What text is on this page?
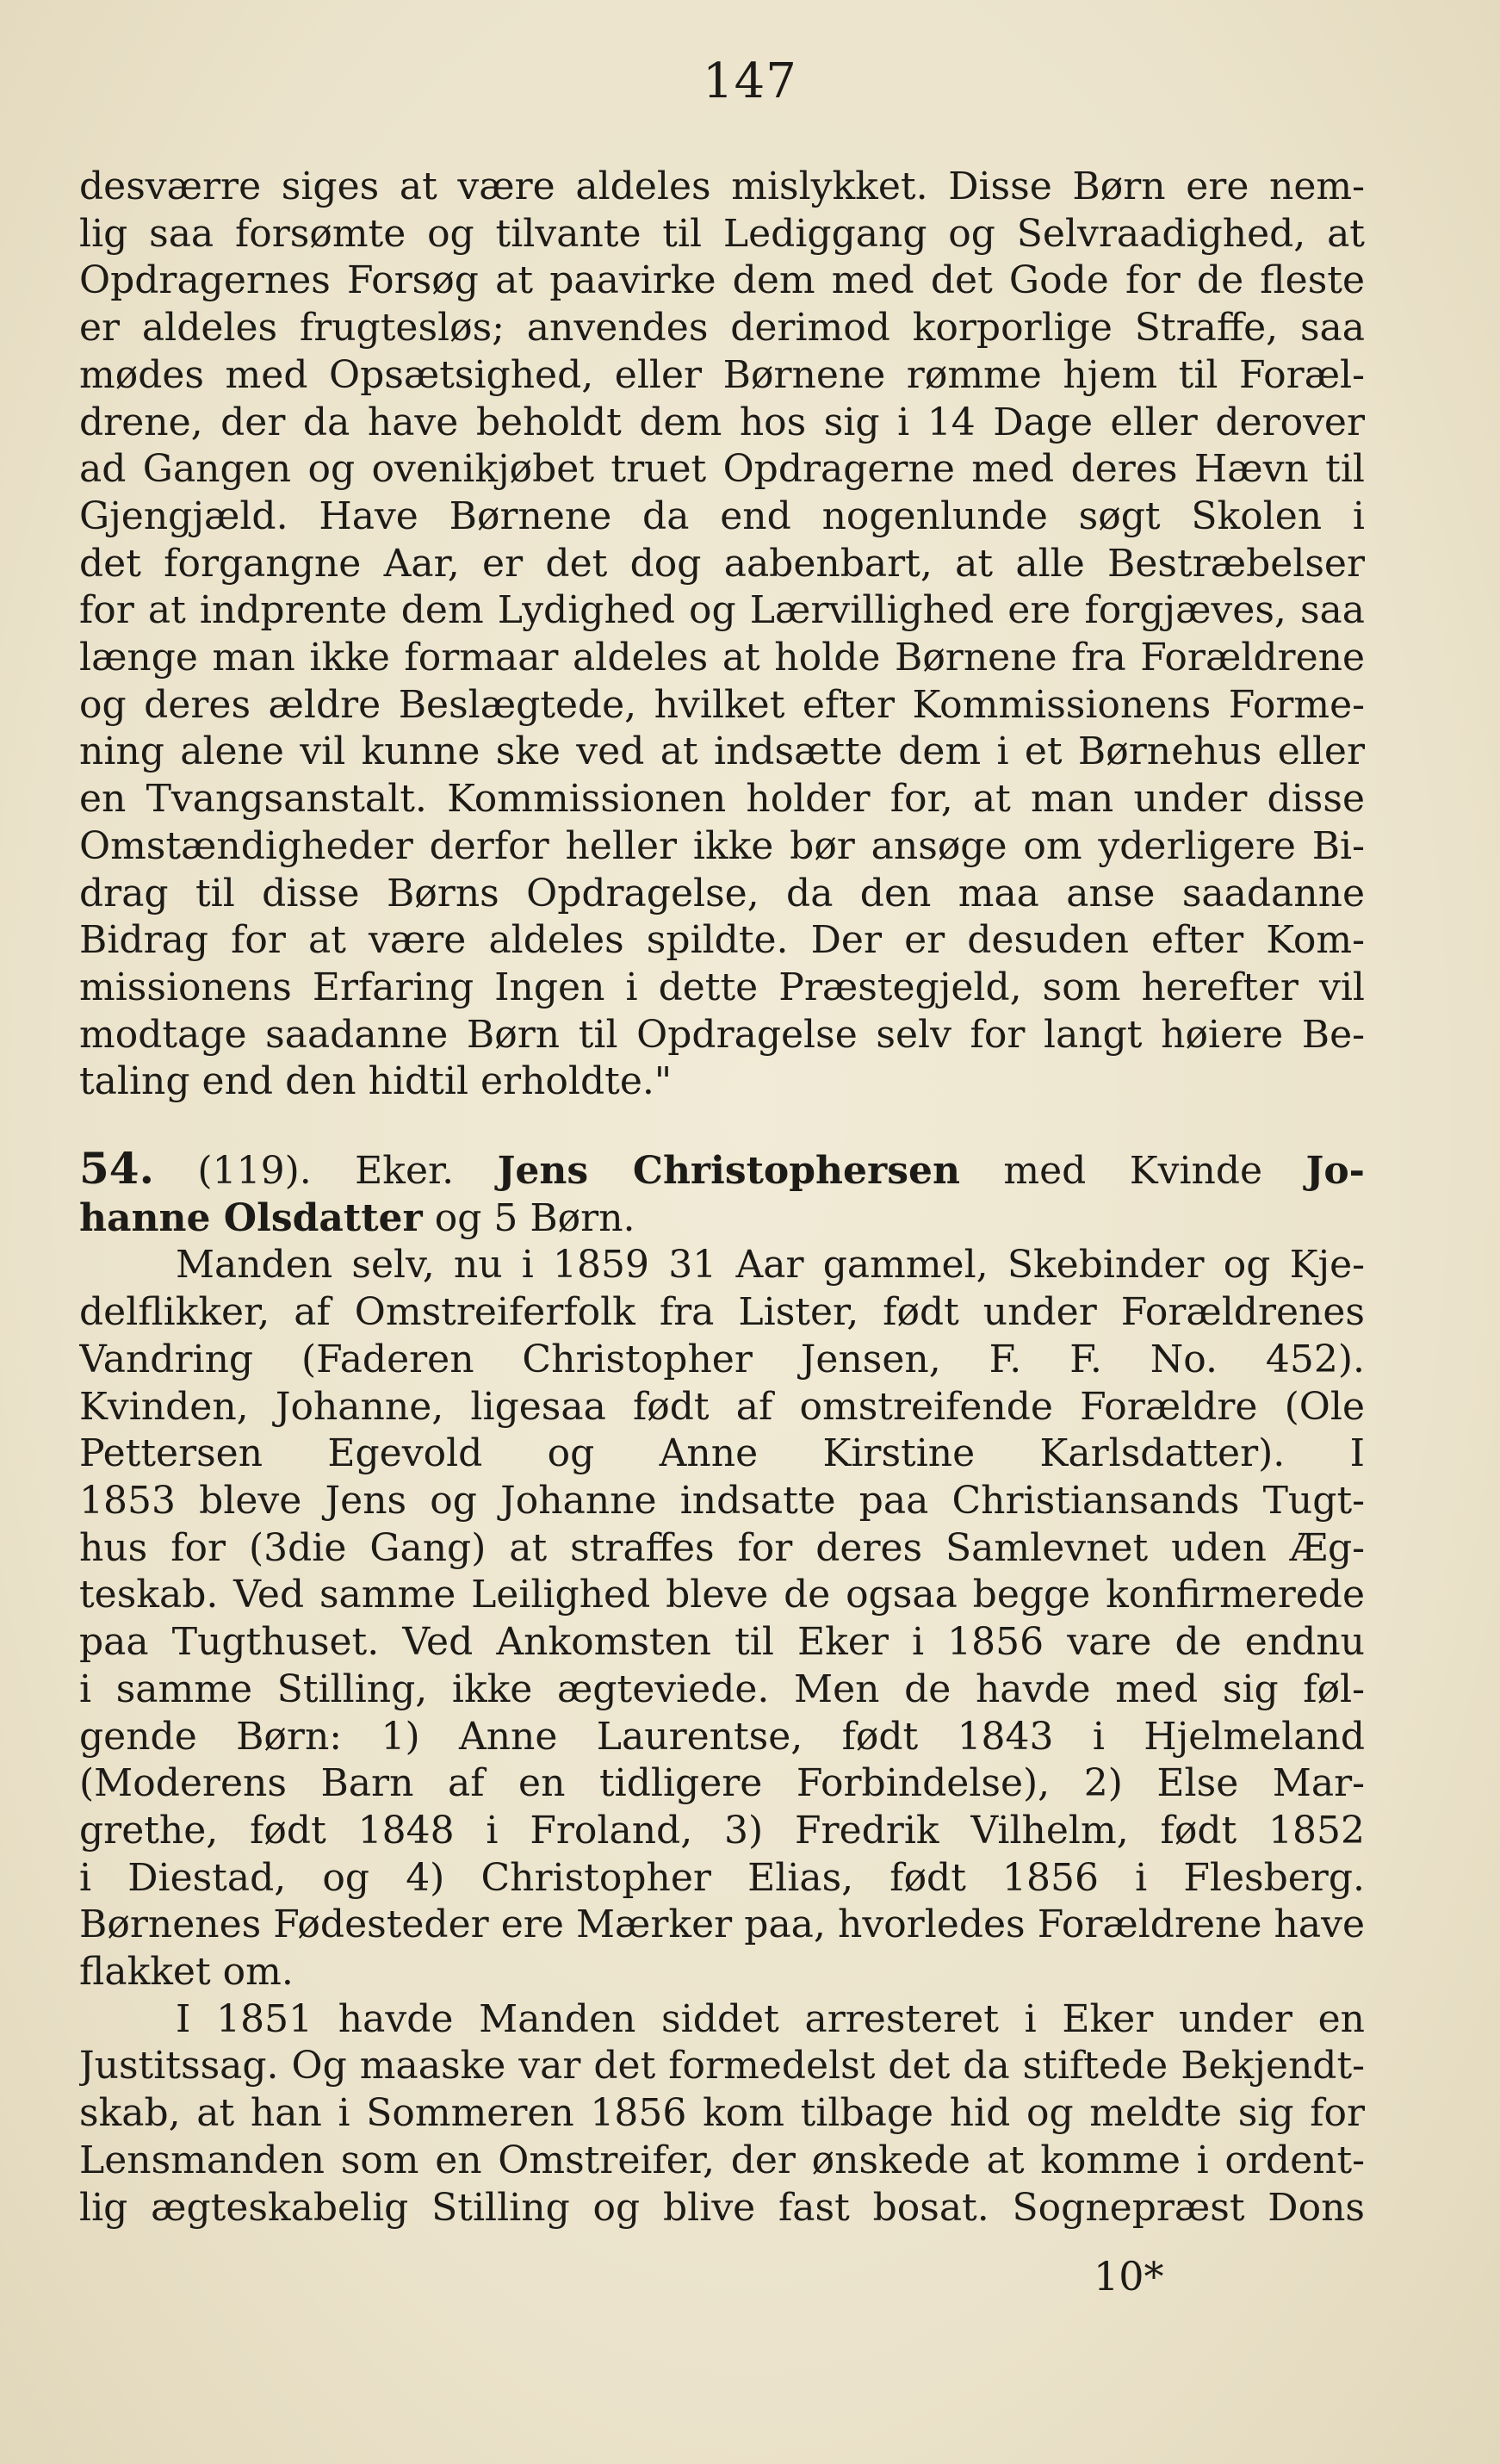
147
desværre siges at være aldeles mislykket. Disse Børn ere nem-
lig saa forsømte og tilvante til Lediggang og Selvraadighed, at
Opdragernes Forsøg at paavirke dem med det Gode for de fleste
er aldeles frugtesløs; anvendes derimod korporlige Straffe, saa
mødes med Opsætsighed, eller Børnene rømme hjem til Foræl-
drene, der da have beholdt dem hos sig i 14 Dage eller derover
ad Gangen og ovenikjøbet truet Opdragerne med deres Hævn til
Gjengjæld. Have Børnene da end nogenlunde søgt Skolen i
det forgangne Aar, er det dog aabenbart, at alle Bestræbelser
for at indprente dem Lydighed og Lærvillighed ere forgjæves, saa
længe man ikke formaar aldeles at holde Børnene fra Forældrene
og deres ældre Beslægtede, hvilket efter Kommissionens Forme-
ning alene vil kunne ske ved at indsætte dem i et Børnehus eller
en Tvangsanstalt. Kommissionen holder for, at man under disse
Omstændigheder derfor heller ikke bør ansøge om yderligere Bi-
drag til disse Børns Opdragelse, da den maa anse saadanne
Bidrag for at være aldeles spildte. Der er desuden efter Kom-
missionens Erfaring Ingen i dette Præstegjeld, som herefter vil
modtage saadanne Børn til Opdragelse selv for langt høiere Be-
taling end den hidtil erholdte."
54. (119). Eker. Jens Christophersen med Kvinde Jo-
hanne Olsdatter og 5 Børn.
Manden selv, nu i 1859 31 Aar gammel, Skebinder og Kje-
delflikker, af Omstreiferfolk fra Lister, født under Forældrenes
Vandring (Faderen Christopher Jensen, F. F. No. 452).
Kvinden, Johanne, ligesaa født af omstreifende Forældre (Ole
Pettersen Egevold og Anne Kirstine Karlsdatter). I
1853 bleve Jens og Johanne indsatte paa Christiansands Tugt-
hus for (3die Gang) at straffes for deres Samlevnet uden Æg-
teskab. Ved samme Leilighed bleve de ogsaa begge konfirmerede
paa Tugthuset. Ved Ankomsten til Eker i 1856 vare de endnu
i samme Stilling, ikke ægteviede. Men de havde med sig føl-
gende Børn: 1) Anne Laurentse, født 1843 i Hjelmeland
(Moderens Barn af en tidligere Forbindelse), 2) Else Mar-
grethe, født 1848 i Froland, 3) Fredrik Vilhelm, født 1852
i Diestad, og 4) Christopher Elias, født 1856 i Flesberg.
Børnenes Fødesteder ere Mærker paa, hvorledes Forældrene have
flakket om.
I 1851 havde Manden siddet arresteret i Eker under en
Justitssag. Og maaske var det formedelst det da stiftede Bekjendt-
skab, at han i Sommeren 1856 kom tilbage hid og meldte sig for
Lensmanden som en Omstreifer, der ønskede at komme i ordent-
lig ægteskabelig Stilling og blive fast bosat. Sognepræst Dons
10*
